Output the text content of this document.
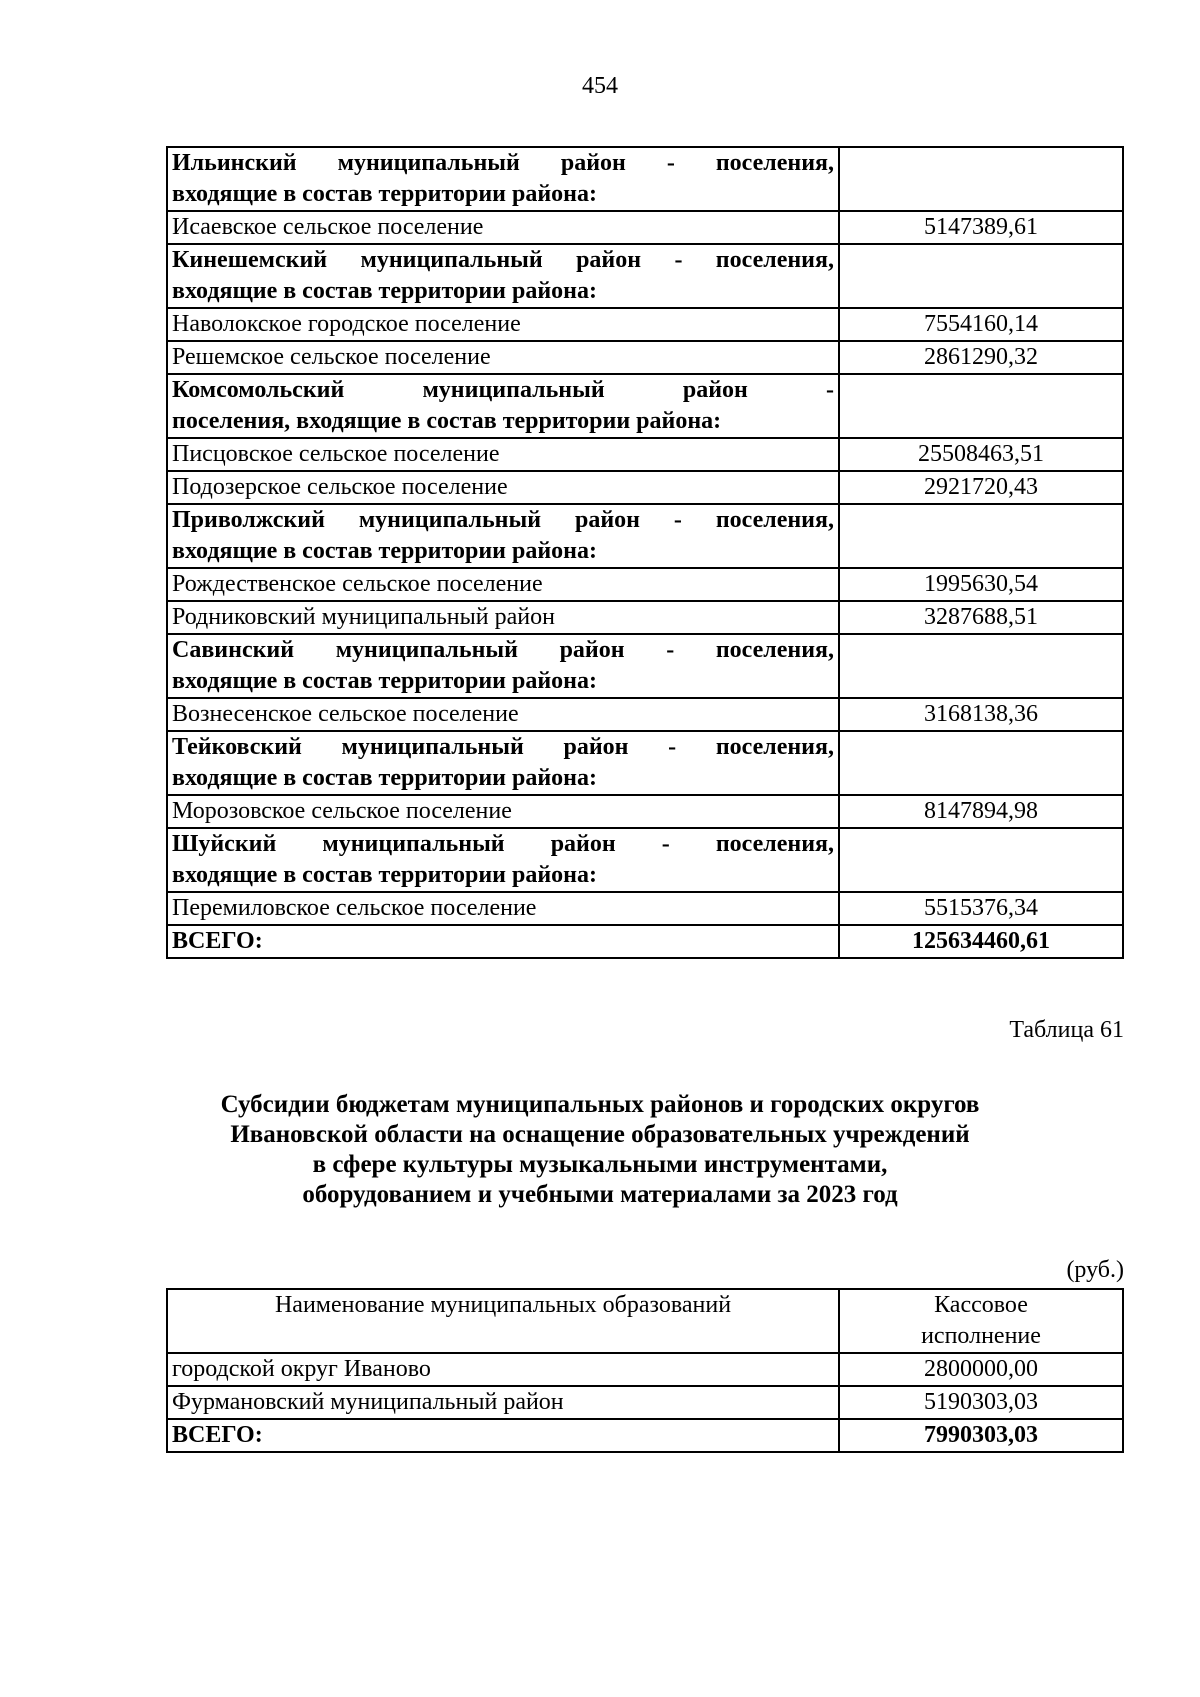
454
Ильинский муниципальный район - поселения,
входящие в состав территории района:	

Исаевское сельское поселение	5147389,61

Кинешемский муниципальный район - поселения,
входящие в состав территории района:	

Наволокское городское поселение	7554160,14
Решемское сельское поселение	2861290,32

Комсомольский муниципальный район -
поселения, входящие в состав территории района:	

Писцовское сельское поселение	25508463,51
Подозерское сельское поселение	2921720,43

Приволжский муниципальный район - поселения,
входящие в состав территории района:	

Рождественское сельское поселение	1995630,54
Родниковский муниципальный район	3287688,51

Савинский муниципальный район - поселения,
входящие в состав территории района:	

Вознесенское сельское поселение	3168138,36

Тейковский муниципальный район - поселения,
входящие в состав территории района:	

Морозовское сельское поселение	8147894,98

Шуйский муниципальный район - поселения,
входящие в состав территории района:	

Перемиловское сельское поселение	5515376,34
ВСЕГО:	125634460,61
Таблица 61
Субсидии бюджетам муниципальных районов и городских округов
Ивановской области на оснащение образовательных учреждений
в сфере культуры музыкальными инструментами,
оборудованием и учебными материалами за 2023 год
(руб.)
Наименование муниципальных образований	Кассовое
исполнение
городской округ Иваново	2800000,00
Фурмановский муниципальный район	5190303,03
ВСЕГО:	7990303,03
